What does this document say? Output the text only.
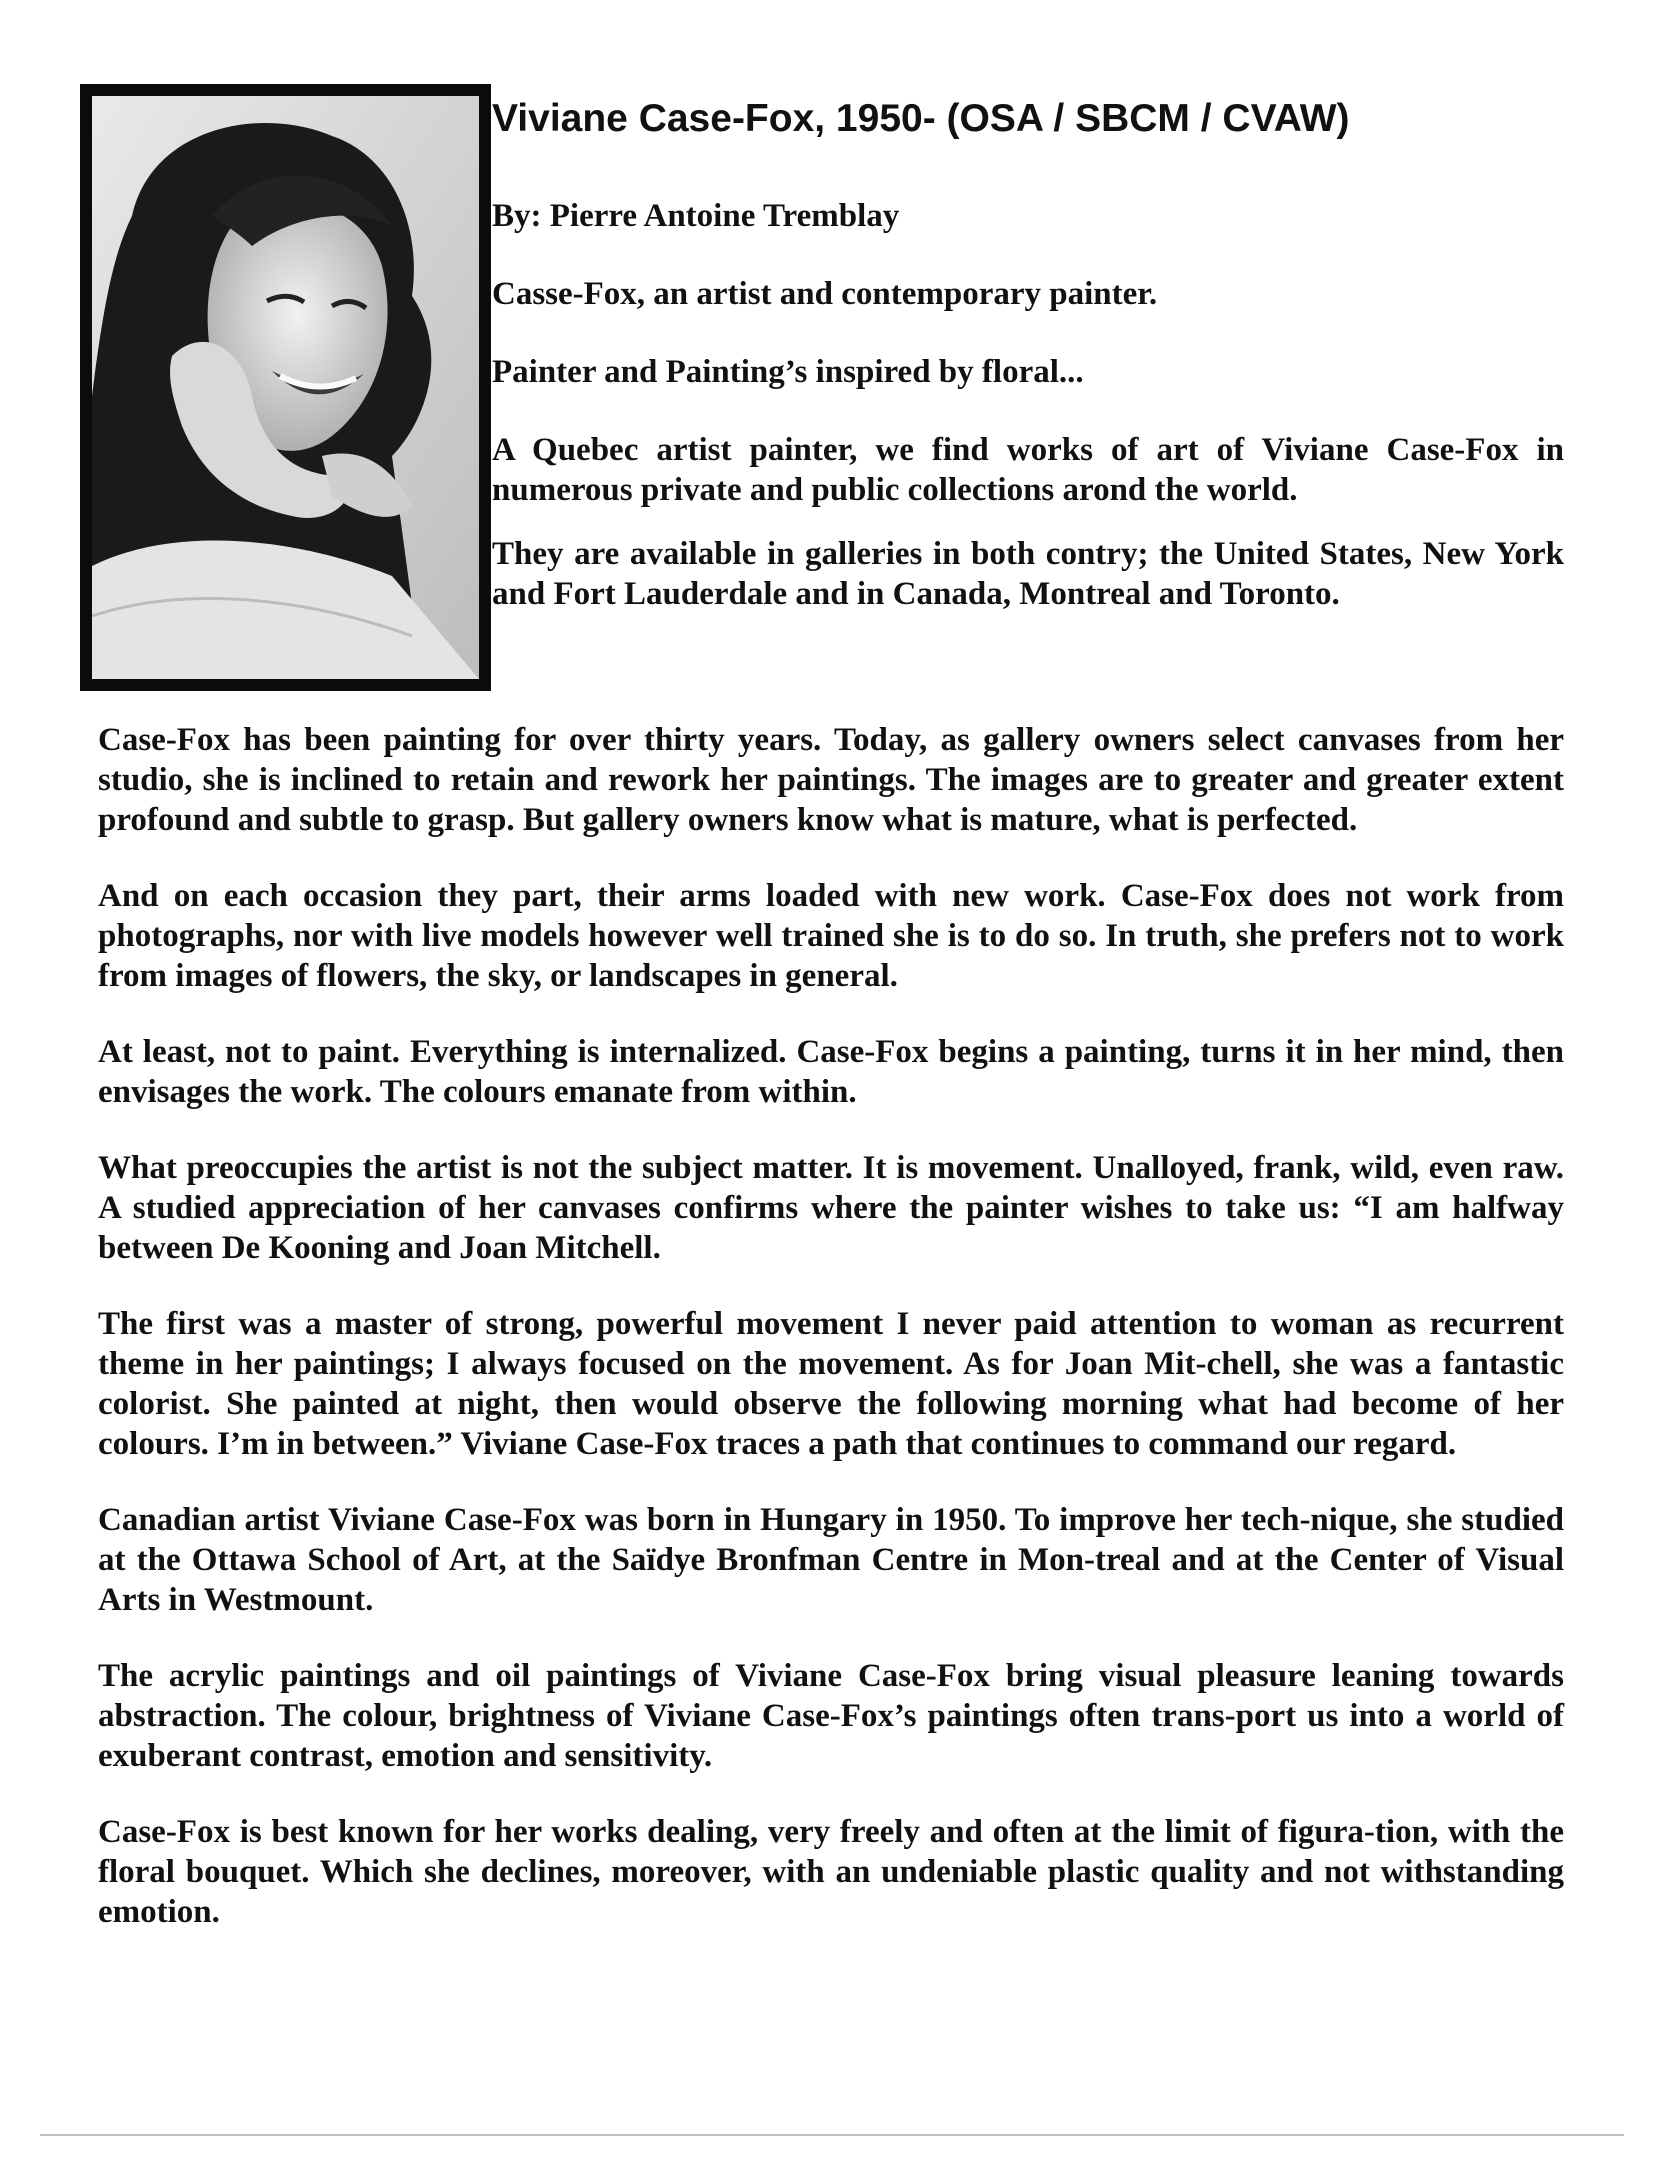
Viviane Case-Fox, 1950- (OSA / SBCM / CVAW)

By: Pierre Antoine Tremblay

Casse-Fox, an artist and contemporary painter.

Painter and Painting’s inspired by floral...

A Quebec artist painter, we find works of art of Viviane Case-Fox in numerous private and public collections arond the world.

They are available in galleries in both contry; the United States, New York and Fort Lauderdale and in Canada, Montreal and Toronto.

Case-Fox has been painting for over thirty years. Today, as gallery owners select canvases from her studio, she is inclined to retain and rework her paintings. The images are to greater and greater extent profound and subtle to grasp. But gallery owners know what is mature, what is perfected.

And on each occasion they part, their arms loaded with new work. Case-Fox does not work from photographs, nor with live models however well trained she is to do so. In truth, she prefers not to work from images of flowers, the sky, or landscapes in general.

At least, not to paint. Everything is internalized. Case-Fox begins a painting, turns it in her mind, then envisages the work. The colours emanate from within.

What preoccupies the artist is not the subject matter. It is movement. Unalloyed, frank, wild, even raw. A studied appreciation of her canvases confirms where the painter wishes to take us: “I am halfway between De Kooning and Joan Mitchell.

The first was a master of strong, powerful movement I never paid attention to woman as recurrent theme in her paintings; I always focused on the movement. As for Joan Mit-chell, she was a fantastic colorist. She painted at night, then would observe the following morning what had become of her colours. I’m in between.” Viviane Case-Fox traces a path that continues to command our regard.

Canadian artist Viviane Case-Fox was born in Hungary in 1950. To improve her tech-nique, she studied at the Ottawa School of Art, at the Saïdye Bronfman Centre in Mon-treal and at the Center of Visual Arts in Westmount.

The acrylic paintings and oil paintings of Viviane Case-Fox bring visual pleasure leaning towards abstraction. The colour, brightness of Viviane Case-Fox’s paintings often trans-port us into a world of exuberant contrast, emotion and sensitivity.

Case-Fox is best known for her works dealing, very freely and often at the limit of figura-tion, with the floral bouquet. Which she declines, moreover, with an undeniable plastic quality and not withstanding emotion.
